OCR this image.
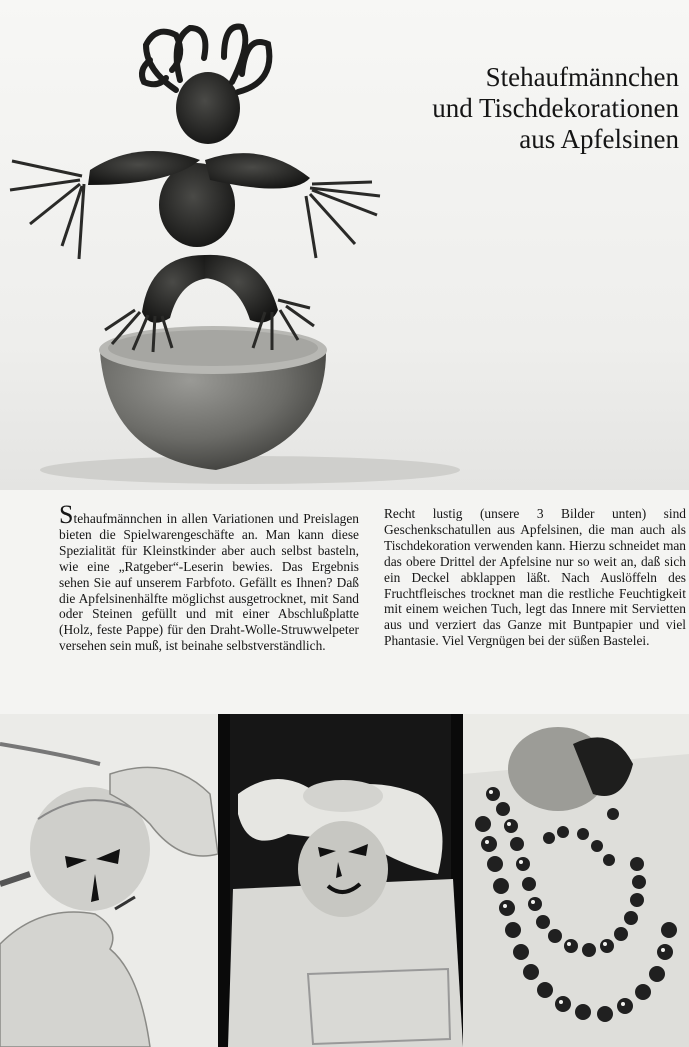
Stehaufmännchen
und Tischdekorationen
aus Apfelsinen
Stehaufmännchen in allen Variationen und Preislagen bieten die Spielwarengeschäfte an. Man kann diese Spezialität für Kleinstkinder aber auch selbst basteln, wie eine „Ratgeber“-Leserin bewies. Das Ergebnis sehen Sie auf unserem Farbfoto. Gefällt es Ihnen? Daß die Apfelsinenhälfte möglichst ausgetrocknet, mit Sand oder Steinen gefüllt und mit einer Abschlußplatte (Holz, feste Pappe) für den Draht-Wolle-Struwwelpeter versehen sein muß, ist beinahe selbstverständlich.
Recht lustig (unsere 3 Bilder unten) sind Geschenkschatullen aus Apfelsinen, die man auch als Tischdekoration verwenden kann. Hierzu schneidet man das obere Drittel der Apfelsine nur so weit an, daß sich ein Deckel abklappen läßt. Nach Auslöffeln des Fruchtfleisches trocknet man die restliche Feuchtigkeit mit einem weichen Tuch, legt das Innere mit Servietten aus und verziert das Ganze mit Buntpapier und viel Phantasie. Viel Vergnügen bei der süßen Bastelei.
